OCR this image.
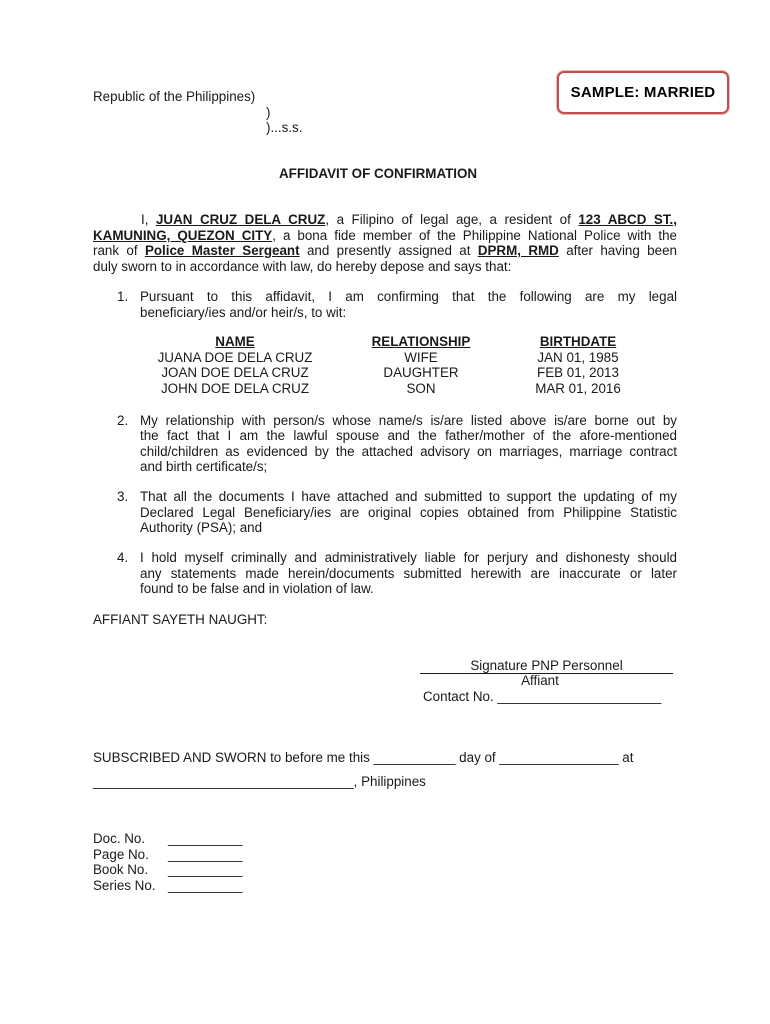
SAMPLE: MARRIED
Republic of the Philippines)
)
)...s.s.
AFFIDAVIT OF CONFIRMATION
I, JUAN CRUZ DELA CRUZ, a Filipino of legal age, a resident of 123 ABCD ST.,
KAMUNING, QUEZON CITY, a bona fide member of the Philippine National Police with the
rank of Police Master Sergeant and presently assigned at DPRM, RMD after having been
duly sworn to in accordance with law, do hereby depose and says that:
1. Pursuant to this affidavit, I am confirming that the following are my legal
beneficiary/ies and/or heir/s, to wit:
NAME
JUANA DOE DELA CRUZ
JOAN DOE DELA CRUZ
JOHN DOE DELA CRUZ
RELATIONSHIP
WIFE
DAUGHTER
SON
BIRTHDATE
JAN 01, 1985
FEB 01, 2013
MAR 01, 2016
2. My relationship with person/s whose name/s is/are listed above is/are borne out by
the fact that I am the lawful spouse and the father/mother of the afore-mentioned
child/children as evidenced by the attached advisory on marriages, marriage contract
and birth certificate/s;
3. That all the documents I have attached and submitted to support the updating of my
Declared Legal Beneficiary/ies are original copies obtained from Philippine Statistic
Authority (PSA); and
4. I hold myself criminally and administratively liable for perjury and dishonesty should
any statements made herein/documents submitted herewith are inaccurate or later
found to be false and in violation of law.
AFFIANT SAYETH NAUGHT:
Signature PNP Personnel
Affiant
Contact No. ______________________
SUBSCRIBED AND SWORN to before me this ___________ day of ________________ at
___________________________________, Philippines
Doc. No. __________
Page No. __________
Book No. __________
Series No. __________
